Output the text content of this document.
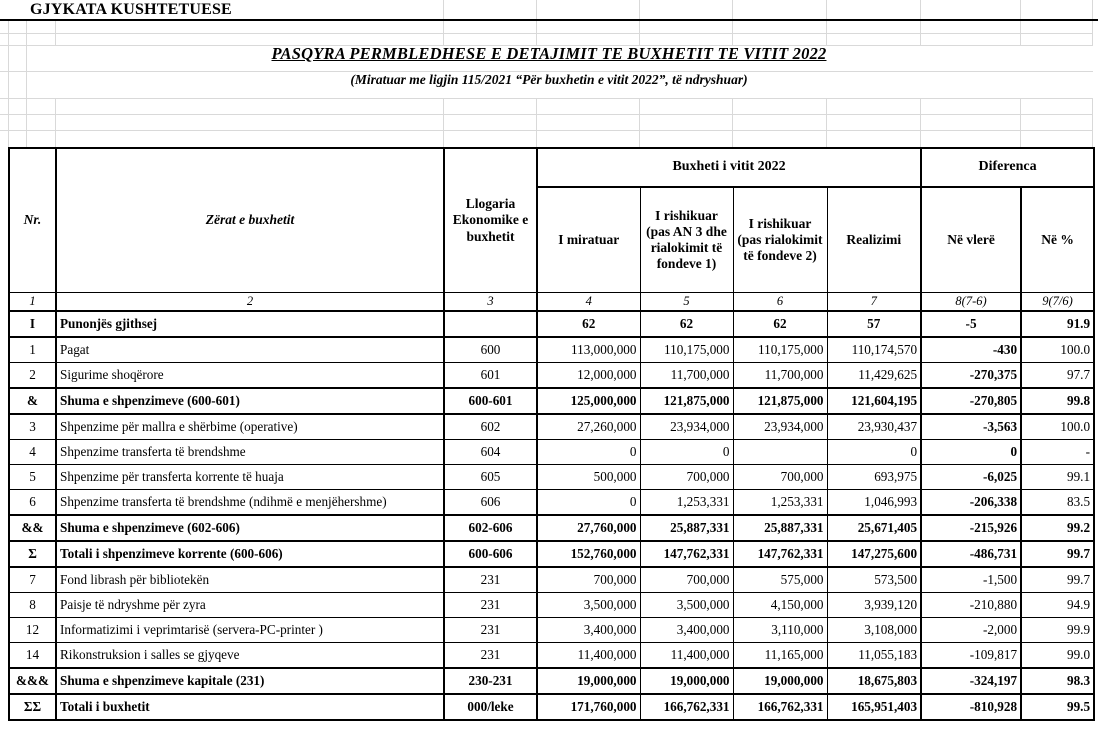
GJYKATA KUSHTETUESE
PASQYRA PERMBLEDHESE E DETAJIMIT TE BUXHETIT TE VITIT 2022
(Miratuar me ligjin 115/2021 “Për buxhetin e vitit 2022”, të ndryshuar)
Nr.	Zërat e buxhetit	Llogaria Ekonomike e buxhetit	Buxheti i vitit 2022				Diferenca	
			I miratuar	I rishikuar (pas AN 3 dhe rialokimit të fondeve 1)	I rishikuar (pas rialokimit të fondeve 2)	Realizimi	Në vlerë	Në %
1	2	3	4	5	6	7	8(7-6)	9(7/6)
I	Punonjës gjithsej		62	62	62	57	-5	91.9
1	Pagat	600	113,000,000	110,175,000	110,175,000	110,174,570	-430	100.0
2	Sigurime shoqërore	601	12,000,000	11,700,000	11,700,000	11,429,625	-270,375	97.7
&	Shuma e shpenzimeve (600-601)	600-601	125,000,000	121,875,000	121,875,000	121,604,195	-270,805	99.8
3	Shpenzime për mallra e shërbime (operative)	602	27,260,000	23,934,000	23,934,000	23,930,437	-3,563	100.0
4	Shpenzime transferta të brendshme	604	0	0		0	0	-
5	Shpenzime për transferta korrente të huaja	605	500,000	700,000	700,000	693,975	-6,025	99.1
6	Shpenzime transferta të brendshme (ndihmë e menjëhershme)	606	0	1,253,331	1,253,331	1,046,993	-206,338	83.5
&&	Shuma e shpenzimeve (602-606)	602-606	27,760,000	25,887,331	25,887,331	25,671,405	-215,926	99.2
Σ	Totali i shpenzimeve korrente (600-606)	600-606	152,760,000	147,762,331	147,762,331	147,275,600	-486,731	99.7
7	Fond librash për bibliotekën	231	700,000	700,000	575,000	573,500	-1,500	99.7
8	Paisje të ndryshme për zyra	231	3,500,000	3,500,000	4,150,000	3,939,120	-210,880	94.9
12	Informatizimi i veprimtarisë (servera-PC-printer )	231	3,400,000	3,400,000	3,110,000	3,108,000	-2,000	99.9
14	Rikonstruksion i salles se gjyqeve	231	11,400,000	11,400,000	11,165,000	11,055,183	-109,817	99.0
&&&	Shuma e shpenzimeve kapitale (231)	230-231	19,000,000	19,000,000	19,000,000	18,675,803	-324,197	98.3
ΣΣ	Totali i buxhetit	000/leke	171,760,000	166,762,331	166,762,331	165,951,403	-810,928	99.5
